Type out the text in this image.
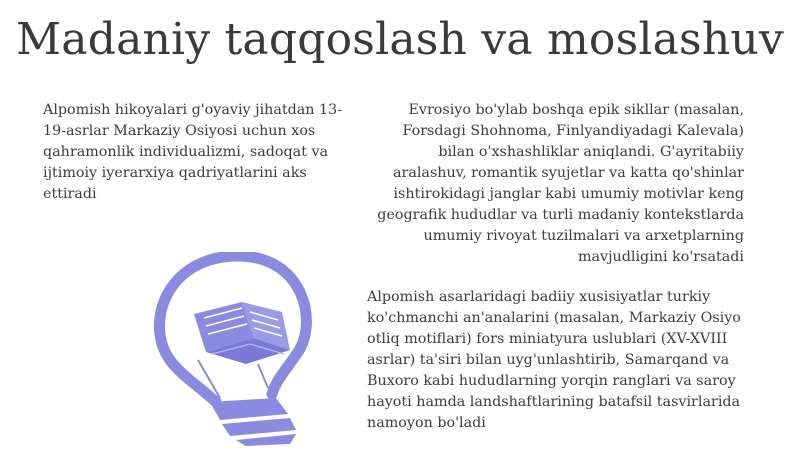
Madaniy taqqoslash va moslashuv
Alpomish hikoyalari g'oyaviy jihatdan 13-19-asrlar Markaziy Osiyosi uchun xos qahramonlik individualizmi, sadoqat va ijtimoiy iyerarxiya qadriyatlarini aks ettiradi
Evrosiyo bo'ylab boshqa epik sikllar (masalan, Forsdagi Shohnoma, Finlyandiyadagi Kalevala) bilan o'xshashliklar aniqlandi. G'ayritabiiy aralashuv, romantik syujetlar va katta qo'shinlar ishtirokidagi janglar kabi umumiy motivlar keng geografik hududlar va turli madaniy kontekstlarda umumiy rivoyat tuzilmalari va arxetplarning mavjudligini ko'rsatadi
Alpomish asarlaridagi badiiy xusisiyatlar turkiy ko'chmanchi an'analarini (masalan, Markaziy Osiyo otliq motiflari) fors miniatyura uslublari (XV-XVIII asrlar) ta'siri bilan uyg'unlashtirib, Samarqand va Buxoro kabi hududlarning yorqin ranglari va saroy hayoti hamda landshaftlarining batafsil tasvirlarida namoyon bo'ladi
